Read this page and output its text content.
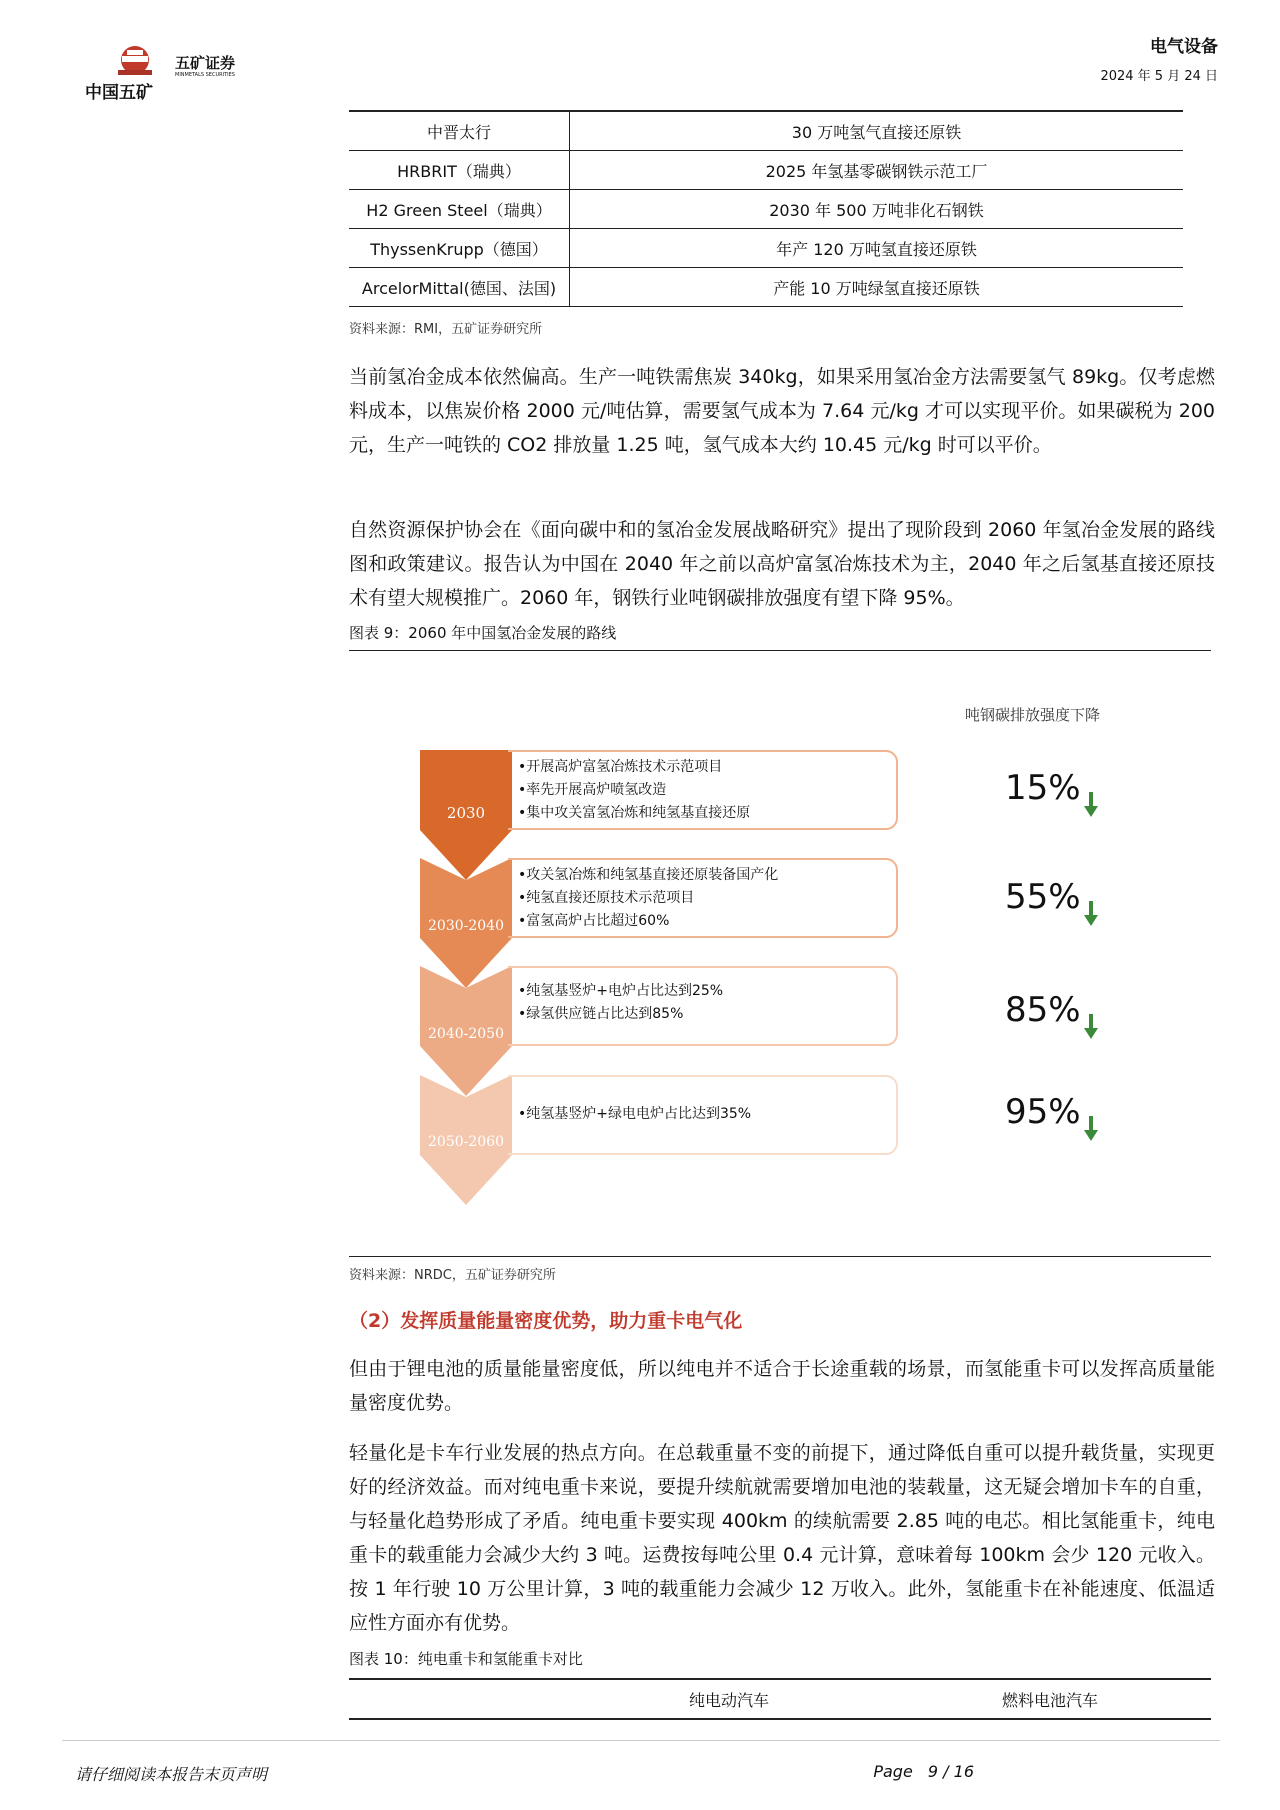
中国五矿
五矿证券
MINMETALS SECURITIES
电气设备
2024 年 5 月 24 日
中晋太行	30 万吨氢气直接还原铁
HRBRIT（瑞典）	2025 年氢基零碳钢铁示范工厂
H2 Green Steel（瑞典）	2030 年 500 万吨非化石钢铁
ThyssenKrupp（德国）	年产 120 万吨氢直接还原铁
ArcelorMittal(德国、法国)	产能 10 万吨绿氢直接还原铁
资料来源：RMI，五矿证券研究所
当前氢冶金成本依然偏高。生产一吨铁需焦炭 340kg，如果采用氢冶金方法需要氢气 89kg。仅考虑燃料成本，以焦炭价格 2000 元/吨估算，需要氢气成本为 7.64 元/kg 才可以实现平价。如果碳税为 200 元，生产一吨铁的 CO2 排放量 1.25 吨，氢气成本大约 10.45 元/kg 时可以平价。
自然资源保护协会在《面向碳中和的氢冶金发展战略研究》提出了现阶段到 2060 年氢冶金发展的路线图和政策建议。报告认为中国在 2040 年之前以高炉富氢冶炼技术为主，2040 年之后氢基直接还原技术有望大规模推广。2060 年，钢铁行业吨钢碳排放强度有望下降 95%。
图表 9：2060 年中国氢冶金发展的路线
吨钢碳排放强度下降
2030
•开展高炉富氢冶炼技术示范项目
•率先开展高炉喷氢改造
•集中攻关富氢冶炼和纯氢基直接还原
15%
2030-2040
•攻关氢冶炼和纯氢基直接还原装备国产化
•纯氢直接还原技术示范项目
•富氢高炉占比超过60%
55%
2040-2050
•纯氢基竖炉+电炉占比达到25%
•绿氢供应链占比达到85%	85%
2050-2060
•纯氢基竖炉+绿电电炉占比达到35%	95%
资料来源：NRDC，五矿证券研究所
（2）发挥质量能量密度优势，助力重卡电气化
但由于锂电池的质量能量密度低，所以纯电并不适合于长途重载的场景，而氢能重卡可以发挥高质量能量密度优势。
轻量化是卡车行业发展的热点方向。在总载重量不变的前提下，通过降低自重可以提升载货量，实现更好的经济效益。而对纯电重卡来说，要提升续航就需要增加电池的装载量，这无疑会增加卡车的自重，与轻量化趋势形成了矛盾。纯电重卡要实现 400km 的续航需要 2.85 吨的电芯。相比氢能重卡，纯电重卡的载重能力会减少大约 3 吨。运费按每吨公里 0.4 元计算，意味着每 100km 会少 120 元收入。按 1 年行驶 10 万公里计算，3 吨的载重能力会减少 12 万收入。此外，氢能重卡在补能速度、低温适应性方面亦有优势。
图表 10：纯电重卡和氢能重卡对比
	纯电动汽车	燃料电池汽车
请仔细阅读本报告末页声明	Page 9 / 16
